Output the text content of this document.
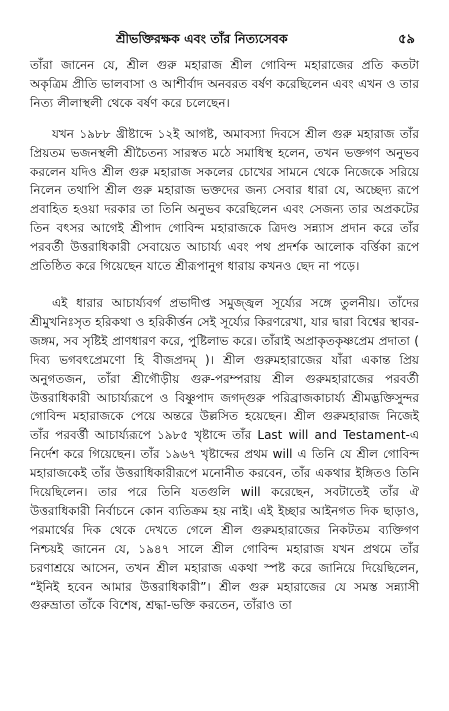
শ্রীভক্তিরক্ষক এবং তাঁর নিত্যসেবক	৫৯

তাঁরা জানেন যে, শ্রীল গুরু মহারাজ শ্রীল গোবিন্দ মহারাজের প্রতি কতটা অকৃত্রিম প্রীতি ভালবাসা ও আশীর্বাদ অনবরত বর্ষণ করেছিলেন এবং এখন ও তার নিত্য লীলাস্থলী থেকে বর্ষণ করে চলেছেন।

যখন ১৯৮৮ খ্রীষ্টাব্দে ১২ই আগষ্ট, অমাবস্যা দিবসে শ্রীল গুরু মহারাজ তাঁর প্রিয়তম ভজনস্থলী শ্রীচৈতন্য সারস্বত মঠে সমাধিস্থ হলেন, তখন ভক্তগণ অনুভব করলেন যদিও শ্রীল গুরু মহারাজ সকলের চোখের সামনে থেকে নিজেকে সরিয়ে নিলেন তথাপি শ্রীল গুরু মহারাজ ভক্তদের জন্য সেবার ধারা যে, অচ্ছেদ্য রূপে প্রবাহিত হওয়া দরকার তা তিনি অনুভব করেছিলেন এবং সেজন্য তার অপ্রকটের তিন বৎসর আগেই শ্রীপাদ গোবিন্দ মহারাজকে ত্রিদণ্ড সন্ন্যাস প্রদান করে তাঁর পরবর্তী উত্তরাধিকারী সেবায়েত আচার্য্য এবং পথ প্রদর্শক আলোক বর্ত্তিকা রূপে প্রতিষ্ঠিত করে গিয়েছেন যাতে শ্রীরূপানুগ ধারায় কখনও ছেদ না পড়ে।

এই ধারার আচার্য্যবর্গ প্রভাদীপ্ত সমুজ্জ্বল সূর্য্যের সঙ্গে তুলনীয়। তাঁদের শ্রীমুখনিঃসৃত হরিকথা ও হরিকীর্ত্তন সেই সূর্য্যের কিরণরেখা, যার দ্বারা বিশ্বের স্থাবর-জঙ্গম, সব সৃষ্টিই প্রাণধারণ করে, পুষ্টিলাভ করে। তাঁরাই অপ্রাকৃতকৃষ্ণপ্রেম প্রদাতা ( দিব্য ভগবৎপ্রেমণো হি বীজপ্রদম্ )। শ্রীল গুরুমহারাজের যাঁরা একান্ত প্রিয় অনুগতজন, তাঁরা শ্রীগৌড়ীয় গুরু-পরম্পরায় শ্রীল গুরুমহারাজের পরবর্তী উত্তরাধিকারী আচার্য্যরূপে ও বিষ্ণুপাদ জগদ্গুরু পরিব্রাজকাচার্য্য শ্রীমদ্ভক্তিসুন্দর গোবিন্দ মহারাজকে পেয়ে অন্তরে উল্লসিত হয়েছেন। শ্রীল গুরুমহারাজ নিজেই তাঁর পরবর্ত্তী আচার্য্যরূপে ১৯৮৫ খৃষ্টাব্দে তাঁর Last will and Testament-এ নির্দেশ করে গিয়েছেন। তাঁর ১৯৬৭ খৃষ্টাব্দের প্রথম will এ তিনি যে শ্রীল গোবিন্দ মহারাজকেই তাঁর উত্তরাধিকারীরূপে মনোনীত করবেন, তাঁর একথার ইঙ্গিতও তিনি দিয়েছিলেন। তার পরে তিনি যতগুলি will করেছেন, সবটাতেই তাঁর ঐ উত্তরাধিকারী নির্বাচনে কোন ব্যতিক্রম হয় নাই। এই ইচ্ছার আইনগত দিক ছাড়াও, পরমার্থের দিক থেকে দেখতে গেলে শ্রীল গুরুমহারাজের নিকটতম ব্যক্তিগণ নিশ্চয়ই জানেন যে, ১৯৪৭ সালে শ্রীল গোবিন্দ মহারাজ যখন প্রথমে তাঁর চরণাশ্রয়ে আসেন, তখন শ্রীল মহারাজ একথা স্পষ্ট করে জানিয়ে দিয়েছিলেন, “ইনিই হবেন আমার উত্তরাধিকারী”। শ্রীল গুরু মহারাজের যে সমস্ত সন্ন্যাসী গুরুভ্রাতা তাঁকে বিশেষ, শ্রদ্ধা-ভক্তি করতেন, তাঁরাও তা
